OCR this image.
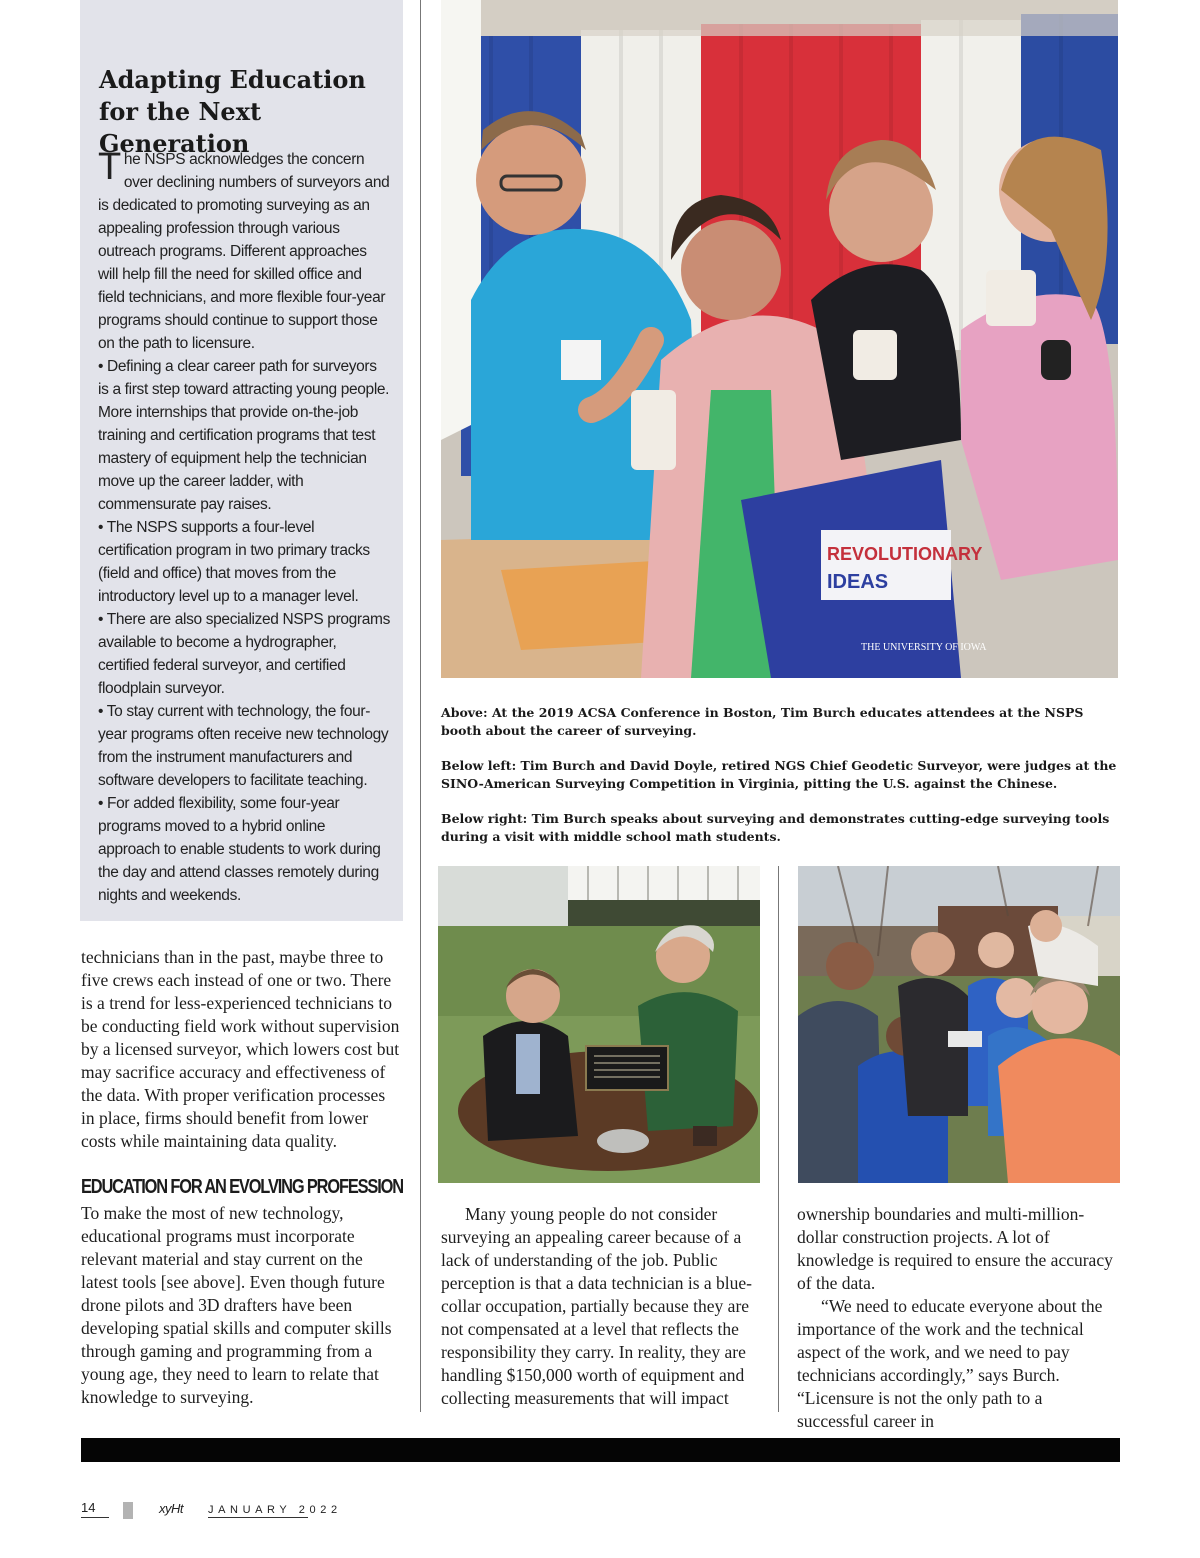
Adapting Education
for the Next Generation

The NSPS acknowledges the concern over declining numbers of surveyors and is dedicated to promoting surveying as an appealing profession through various outreach programs. Different approaches will help fill the need for skilled office and field technicians, and more flexible four-year programs should continue to support those on the path to licensure.

• Defining a clear career path for surveyors is a first step toward attracting young people. More internships that provide on-the-job training and certification programs that test mastery of equipment help the technician move up the career ladder, with commensurate pay raises.

• The NSPS supports a four-level certification program in two primary tracks (field and office) that moves from the introductory level up to a manager level.

• There are also specialized NSPS programs available to become a hydrographer, certified federal surveyor, and certified floodplain surveyor.

• To stay current with technology, the four-year programs often receive new technology from the instrument manufacturers and software developers to facilitate teaching.

• For added flexibility, some four-year programs moved to a hybrid online approach to enable students to work during the day and attend classes remotely during nights and weekends.

technicians than in the past, maybe three to five crews each instead of one or two. There is a trend for less-experienced technicians to be conducting field work without supervision by a licensed surveyor, which lowers cost but may sacrifice accuracy and effectiveness of the data. With proper verification processes in place, firms should benefit from lower costs while maintaining data quality.

EDUCATION FOR AN EVOLVING PROFESSION

To make the most of new technology, educational programs must incorporate relevant material and stay current on the latest tools [see above]. Even though future drone pilots and 3D drafters have been developing spatial skills and computer skills through gaming and programming from a young age, they need to learn to relate that knowledge to surveying.

REVOLUTIONARY
IDEAS
THE UNIVERSITY OF IOWA

Above: At the 2019 ACSA Conference in Boston, Tim Burch educates attendees at the NSPS booth about the career of surveying.

Below left: Tim Burch and David Doyle, retired NGS Chief Geodetic Surveyor, were judges at the SINO-American Surveying Competition in Virginia, pitting the U.S. against the Chinese.

Below right: Tim Burch speaks about surveying and demonstrates cutting-edge surveying tools during a visit with middle school math students.

Many young people do not consider surveying an appealing career because of a lack of understanding of the job. Public perception is that a data technician is a blue-collar occupation, partially because they are not compensated at a level that reflects the responsibility they carry. In reality, they are handling $150,000 worth of equipment and collecting measurements that will impact

ownership boundaries and multi-million-dollar construction projects. A lot of knowledge is required to ensure the accuracy of the data.

“We need to educate everyone about the importance of the work and the technical aspect of the work, and we need to pay technicians accordingly,” says Burch. “Licensure is not the only path to a successful career in

14	xyHt JANUARY 2022
